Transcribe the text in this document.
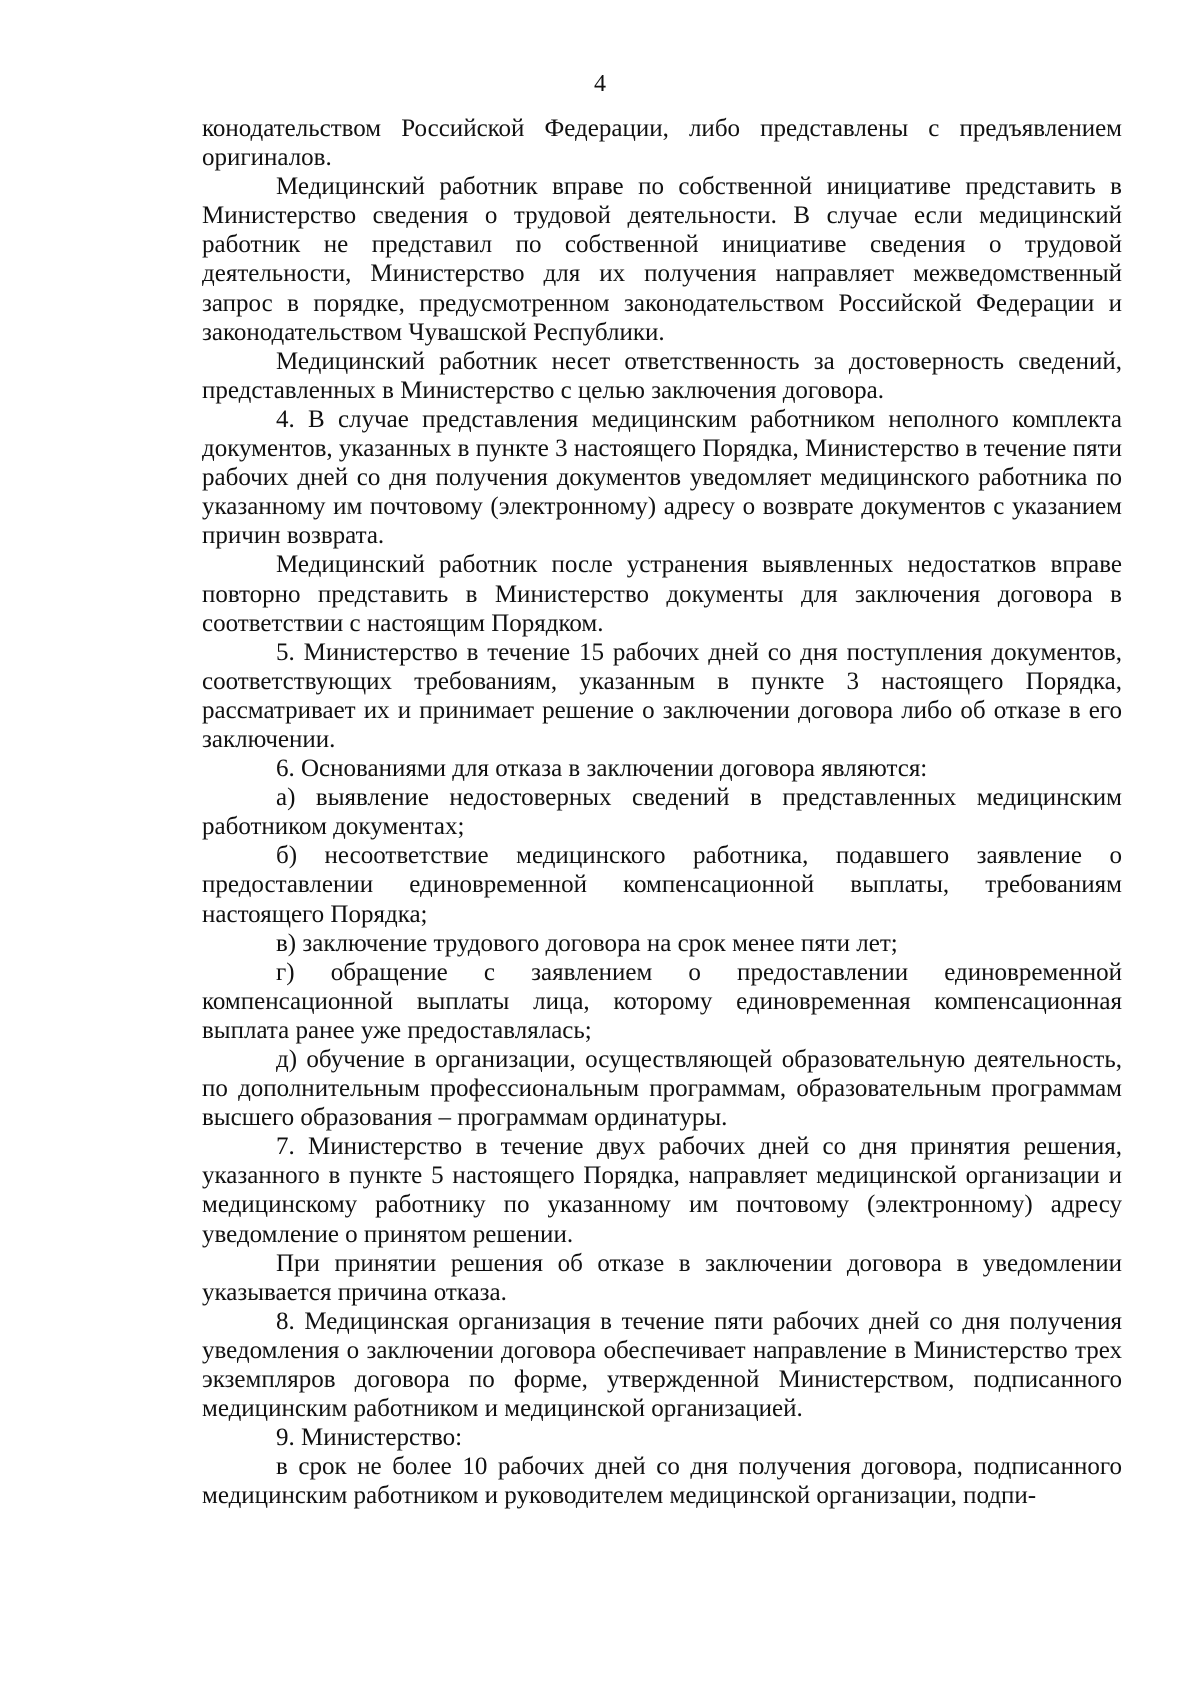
4

конодательством Российской Федерации, либо представлены с предъявлением оригиналов.

Медицинский работник вправе по собственной инициативе представить в Министерство сведения о трудовой деятельности. В случае если медицинский работник не представил по собственной инициативе сведения о трудовой деятельности, Министерство для их получения направляет межведомственный запрос в порядке, предусмотренном законодательством Российской Федерации и законодательством Чувашской Республики.

Медицинский работник несет ответственность за достоверность сведений, представленных в Министерство с целью заключения договора.

4. В случае представления медицинским работником неполного комплекта документов, указанных в пункте 3 настоящего Порядка, Министерство в течение пяти рабочих дней со дня получения документов уведомляет медицинского работника по указанному им почтовому (электронному) адресу о возврате документов с указанием причин возврата.

Медицинский работник после устранения выявленных недостатков вправе повторно представить в Министерство документы для заключения договора в соответствии с настоящим Порядком.

5. Министерство в течение 15 рабочих дней со дня поступления документов, соответствующих требованиям, указанным в пункте 3 настоящего Порядка, рассматривает их и принимает решение о заключении договора либо об отказе в его заключении.

6. Основаниями для отказа в заключении договора являются:

а) выявление недостоверных сведений в представленных медицинским работником документах;

б) несоответствие медицинского работника, подавшего заявление о предоставлении единовременной компенсационной выплаты, требованиям настоящего Порядка;

в) заключение трудового договора на срок менее пяти лет;

г) обращение с заявлением о предоставлении единовременной компенсационной выплаты лица, которому единовременная компенсационная выплата ранее уже предоставлялась;

д) обучение в организации, осуществляющей образовательную деятельность, по дополнительным профессиональным программам, образовательным программам высшего образования – программам ординатуры.

7. Министерство в течение двух рабочих дней со дня принятия решения, указанного в пункте 5 настоящего Порядка, направляет медицинской организации и медицинскому работнику по указанному им почтовому (электронному) адресу уведомление о принятом решении.

При принятии решения об отказе в заключении договора в уведомлении указывается причина отказа.

8. Медицинская организация в течение пяти рабочих дней со дня получения уведомления о заключении договора обеспечивает направление в Министерство трех экземпляров договора по форме, утвержденной Министерством, подписанного медицинским работником и медицинской организацией.

9. Министерство:

в срок не более 10 рабочих дней со дня получения договора, подписанного медицинским работником и руководителем медицинской организации, подпи-
